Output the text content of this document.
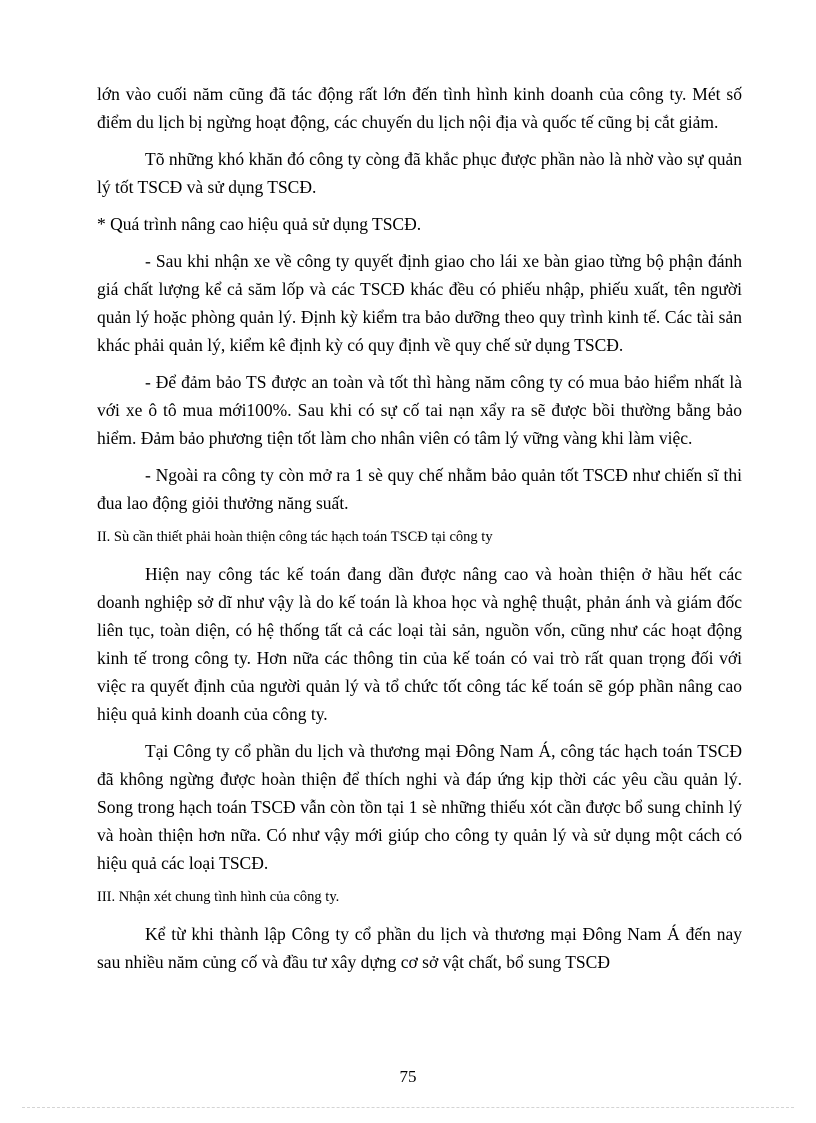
lớn vào cuối năm cũng đã tác động rất lớn đến tình hình kinh doanh của công ty. Mét số điểm du lịch bị ngừng hoạt động, các chuyến du lịch nội địa và quốc tế cũng bị cắt giảm.

Tõ những khó khăn đó công ty còng đã khắc phục được phần nào là nhờ vào sự quản lý tốt TSCĐ và sử dụng TSCĐ.

* Quá trình nâng cao hiệu quả sử dụng TSCĐ.

- Sau khi nhận xe về công ty quyết định giao cho lái xe bàn giao từng bộ phận đánh giá chất lượng kể cả săm lốp và các TSCĐ khác đều có phiếu nhập, phiếu xuất, tên người quản lý hoặc phòng quản lý. Định kỳ kiểm tra bảo dưỡng theo quy trình kinh tế. Các tài sản khác phải quản lý, kiểm kê định kỳ có quy định về quy chế sử dụng TSCĐ.

- Để đảm bảo TS được an toàn và tốt thì hàng năm công ty có mua bảo hiểm nhất là với xe ô tô mua mới100%. Sau khi có sự cố tai nạn xẩy ra sẽ được bồi thường bằng bảo hiểm. Đảm bảo phương tiện tốt làm cho nhân viên có tâm lý vững vàng khi làm việc.

- Ngoài ra công ty còn mở ra 1 sè quy chế nhằm bảo quản tốt TSCĐ như chiến sĩ thi đua lao động giỏi thưởng năng suất.

II. Sù cần thiết phải hoàn thiện công tác hạch toán TSCĐ tại công ty

Hiện nay công tác kế toán đang dần được nâng cao và hoàn thiện ở hầu hết các doanh nghiệp sở dĩ như vậy là do kế toán là khoa học và nghệ thuật, phản ánh và giám đốc liên tục, toàn diện, có hệ thống tất cả các loại tài sản, nguồn vốn, cũng như các hoạt động kinh tế trong công ty. Hơn nữa các thông tin của kế toán có vai trò rất quan trọng đối với việc ra quyết định của người quản lý và tổ chức tốt công tác kế toán sẽ góp phần nâng cao hiệu quả kinh doanh của công ty.

Tại Công ty cổ phần du lịch và thương mại Đông Nam Á, công tác hạch toán TSCĐ đã không ngừng được hoàn thiện để thích nghi và đáp ứng kịp thời các yêu cầu quản lý. Song trong hạch toán TSCĐ vẫn còn tồn tại 1 sè những thiếu xót cần được bổ sung chỉnh lý và hoàn thiện hơn nữa. Có như vậy mới giúp cho công ty quản lý và sử dụng một cách có hiệu quả các loại TSCĐ.

III. Nhận xét chung tình hình của công ty.

Kể từ khi thành lập Công ty cổ phần du lịch và thương mại Đông Nam Á đến nay sau nhiều năm củng cố và đầu tư xây dựng cơ sở vật chất, bổ sung TSCĐ

75
